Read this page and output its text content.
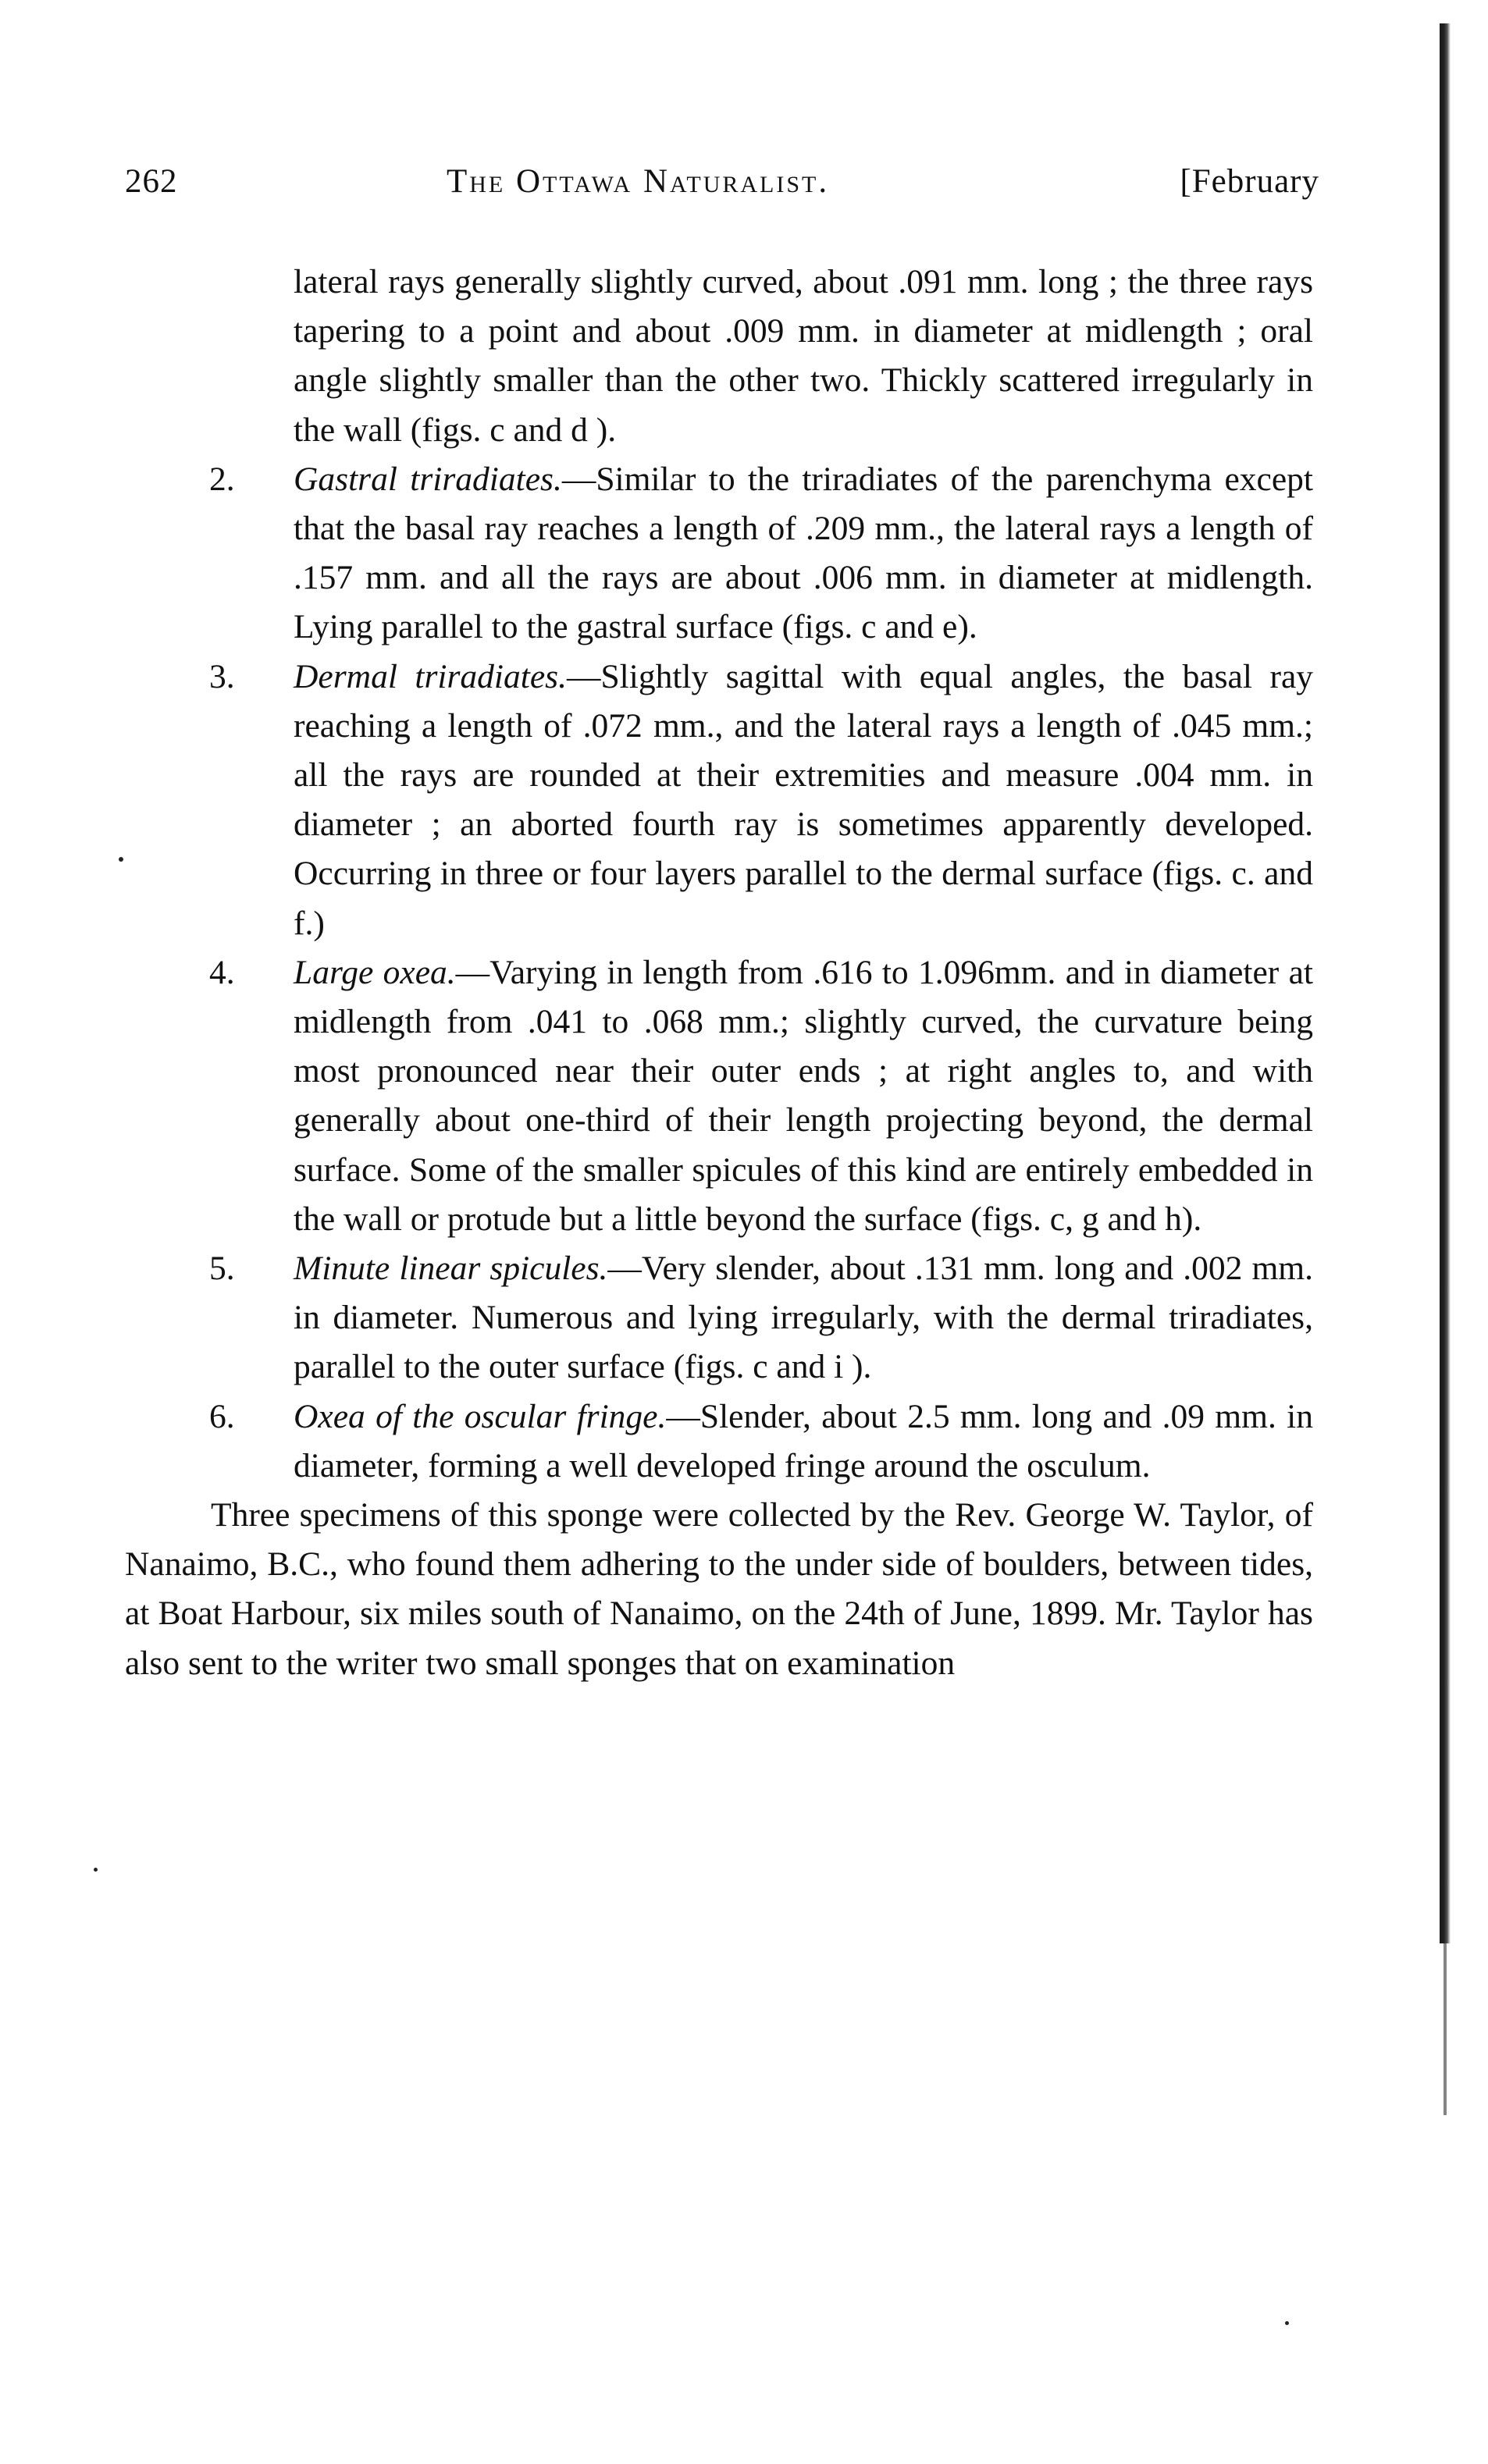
262	The Ottawa Naturalist.	[February
lateral rays generally slightly curved, about .091 mm. long ; the three rays tapering to a point and about .009 mm. in diameter at midlength ; oral angle slightly smaller than the other two. Thickly scattered irregularly in the wall (figs. c and d ).
2. Gastral triradiates.—Similar to the triradiates of the parenchyma except that the basal ray reaches a length of .209 mm., the lateral rays a length of .157 mm. and all the rays are about .006 mm. in diameter at midlength. Lying parallel to the gastral surface (figs. c and e).
3. Dermal triradiates.—Slightly sagittal with equal angles, the basal ray reaching a length of .072 mm., and the lateral rays a length of .045 mm.; all the rays are rounded at their extremities and measure .004 mm. in diameter ; an aborted fourth ray is sometimes apparently developed. Occurring in three or four layers parallel to the dermal surface (figs. c. and f.)
4. Large oxea.—Varying in length from .616 to 1.096mm. and in diameter at midlength from .041 to .068 mm.; slightly curved, the curvature being most pronounced near their outer ends ; at right angles to, and with generally about one-third of their length projecting beyond, the dermal surface. Some of the smaller spicules of this kind are entirely embedded in the wall or protude but a little beyond the surface (figs. c, g and h).
5. Minute linear spicules.—Very slender, about .131 mm. long and .002 mm. in diameter. Numerous and lying irregularly, with the dermal triradiates, parallel to the outer surface (figs. c and i ).
6. Oxea of the oscular fringe.—Slender, about 2.5 mm. long and .09 mm. in diameter, forming a well developed fringe around the osculum.

Three specimens of this sponge were collected by the Rev. George W. Taylor, of Nanaimo, B.C., who found them adhering to the under side of boulders, between tides, at Boat Harbour, six miles south of Nanaimo, on the 24th of June, 1899. Mr. Taylor has also sent to the writer two small sponges that on examination
